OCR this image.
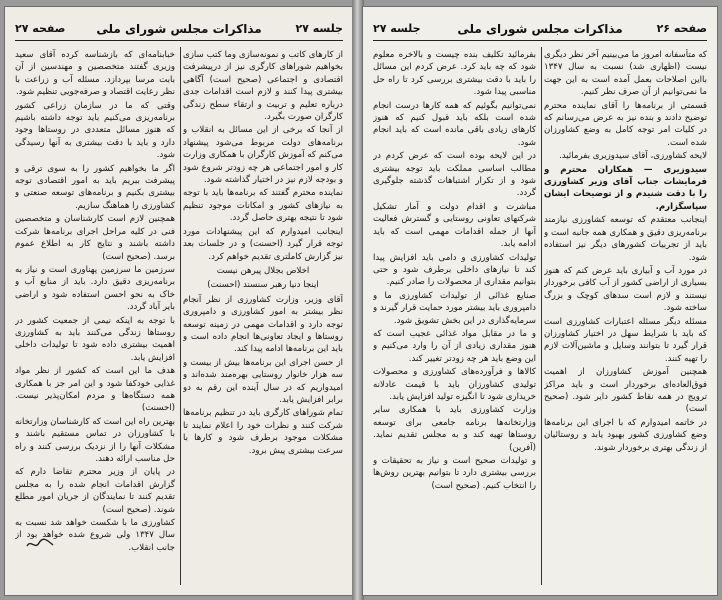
جلسه ۲۷
مذاکرات مجلس شورای ملی
صفحه ۲۷

از کارهای کاتب و نمونه‌سازی وما کتب سازی بخواهیم شوراهای کارگری نیز از درپیشرفت اقتصادی و اجتماعی (صحیح است) آگاهی بیشتری پیدا کنند و لازم است اقدامات جدی درباره تعلیم و تربیت و ارتقاء سطح زندگی کارگران صورت بگیرد.

از آنجا که برخی از این مسائل به انقلاب و برنامه‌های دولت مربوط می‌شود پیشنهاد می‌کنم که آموزش کارگران با همکاری وزارت کار و امور اجتماعی هر چه زودتر شروع شود و بودجه لازم نیز در اختیار گذاشته شود.

نماینده محترم گفتند که برنامه‌ها باید با توجه به نیازهای کشور و امکانات موجود تنظیم شود تا نتیجه بهتری حاصل گردد.

اینجانب امیدوارم که این پیشنهادات مورد توجه قرار گیرد (احسنت) و در جلسات بعد نیز گزارش کاملتری تقدیم خواهم کرد.

اخلاص بجلال پیرهن نیست
اینجا دنیا رهبر سنسند (احسنت)

آقای وزیر، وزارت کشاورزی از نظر آنجام نظر بیشتر به امور کشاورزی و دامپروری توجه دارد و اقدامات مهمی در زمینه توسعه روستاها و ایجاد تعاونی‌ها انجام داده است و باید این برنامه‌ها ادامه پیدا کند.

از حسن اجرای این برنامه‌ها بیش از بیست و سه هزار خانوار روستایی بهره‌مند شده‌اند و امیدواریم که در سال آینده این رقم به دو برابر افزایش یابد.

تمام شوراهای کارگری باید در تنظیم برنامه‌ها شرکت کنند و نظرات خود را اعلام نمایند تا مشکلات موجود برطرف شود و کارها با سرعت بیشتری پیش برود.

خبابنامه‌ای که بازشناسه کرده آقای سعید وزیری گفتند متخصصین و مهندسین از آن بابت مرسا بپردازد. مسئله آب و زراعت با نظر رعایت اقتصاد و صرفه‌جویی تنظیم شود.

وقتی که ما در سازمان زراعی کشور برنامه‌ریزی می‌کنیم باید توجه داشته باشیم که هنوز مسائل متعددی در روستاها وجود دارد و باید با دقت بیشتری به آنها رسیدگی شود.

اگر ما بخواهیم کشور را به سوی ترقی و پیشرفت ببریم باید به امور اقتصادی توجه بیشتری بکنیم و برنامه‌های توسعه صنعتی و کشاورزی را هماهنگ سازیم.

همچنین لازم است کارشناسان و متخصصین فنی در کلیه مراحل اجرای برنامه‌ها شرکت داشته باشند و نتایج کار به اطلاع عموم برسد. (صحیح است)

سرزمین ما سرزمین پهناوری است و نیاز به برنامه‌ریزی دقیق دارد. باید از منابع آب و خاک به نحو احسن استفاده شود و اراضی بایر آباد گردد.

با توجه به اینکه نیمی از جمعیت کشور در روستاها زندگی می‌کنند باید به کشاورزی اهمیت بیشتری داده شود تا تولیدات داخلی افزایش یابد.

هدف ما این است که کشور از نظر مواد غذایی خودکفا شود و این امر جز با همکاری همه دستگاه‌ها و مردم امکان‌پذیر نیست. (احسنت)

بهترین راه این است که کارشناسان وزارتخانه با کشاورزان در تماس مستقیم باشند و مشکلات آنها را از نزدیک بررسی کنند و راه حل مناسب ارائه دهند.

در پایان از وزیر محترم تقاضا دارم که گزارش اقدامات انجام شده را به مجلس تقدیم کنند تا نمایندگان از جریان امور مطلع شوند. (صحیح است)

کشاورزی ما با شکست خواهد شد نسبت به سال ۱۳۴۷ ولی شروع شده خواهد بود از جانب انقلاب.

صفحه ۲۶
مذاکرات مجلس شورای ملی
جلسه ۲۷

که متأسفانه امروز ما می‌بینیم آخر نظر دیگری نیست (اظهاری شد) نسبت به سال ۱۳۴۷ بااین اصلاحات بعمل آمده است به این جهت ما نمی‌توانیم از آن صرف نظر کنیم.

قسمتی از برنامه‌ها را آقای نماینده محترم توضیح دادند و بنده نیز به عرض می‌رسانم که در کلیات امر توجه کامل به وضع کشاورزان شده است.

لایحه کشاورزی، آقای سیدوزیری بفرمائید.

سیدوزیری — همکاران محترم و فرمایشات جناب آقای وزیر کشاورزی را با دقت شنیدم و از توضیحات ایشان سپاسگزارم.

اینجانب معتقدم که توسعه کشاورزی نیازمند برنامه‌ریزی دقیق و همکاری همه جانبه است و باید از تجربیات کشورهای دیگر نیز استفاده شود.

در مورد آب و آبیاری باید عرض کنم که هنوز بسیاری از اراضی کشور از آب کافی برخوردار نیستند و لازم است سدهای کوچک و بزرگ ساخته شود.

مسئله دیگر مسئله اعتبارات کشاورزی است که باید با شرایط سهل در اختیار کشاورزان قرار گیرد تا بتوانند وسایل و ماشین‌آلات لازم را تهیه کنند.

همچنین آموزش کشاورزان از اهمیت فوق‌العاده‌ای برخوردار است و باید مراکز ترویج در همه نقاط کشور دایر شود. (صحیح است)

در خاتمه امیدوارم که با اجرای این برنامه‌ها وضع کشاورزی کشور بهبود یابد و روستائیان از زندگی بهتری برخوردار شوند.

بفرمائید تکلیف بنده چیست و بالاخره معلوم شود که چه باید کرد. عرض کردم این مسائل را باید با دقت بیشتری بررسی کرد تا راه حل مناسبی پیدا شود.

نمی‌توانیم بگوئیم که همه کارها درست انجام شده است بلکه باید قبول کنیم که هنوز کارهای زیادی باقی مانده است که باید انجام شود.

در این لایحه بوده است که عرض کردم در مطالب اساسی مملکت باید توجه بیشتری شود و از تکرار اشتباهات گذشته جلوگیری گردد.

مباشرت و اقدام دولت و آمار تشکیل شرکتهای تعاونی روستایی و گسترش فعالیت آنها از جمله اقدامات مهمی است که باید ادامه یابد.

تولیدات کشاورزی و دامی باید افزایش پیدا کند تا نیازهای داخلی برطرف شود و حتی بتوانیم مقداری از محصولات را صادر کنیم.

صنایع غذائی از تولیدات کشاورزی ما و دامپروری باید بیشتر مورد حمایت قرار گیرند و سرمایه‌گذاری در این بخش تشویق شود.

و ما در مقابل مواد غذائی عجیب است که هنوز مقداری زیادی از آن را وارد می‌کنیم و این وضع باید هر چه زودتر تغییر کند.

کالاها و فرآورده‌های کشاورزی و محصولات تولیدی کشاورزان باید با قیمت عادلانه خریداری شود تا انگیزه تولید افزایش یابد.

وزارت کشاورزی باید با همکاری سایر وزارتخانه‌ها برنامه جامعی برای توسعه روستاها تهیه کند و به مجلس تقدیم نماید. (آفرین)

و تولیدات صحیح است و نیاز به تحقیقات و بررسی بیشتری دارد تا بتوانیم بهترین روش‌ها را انتخاب کنیم. (صحیح است)
